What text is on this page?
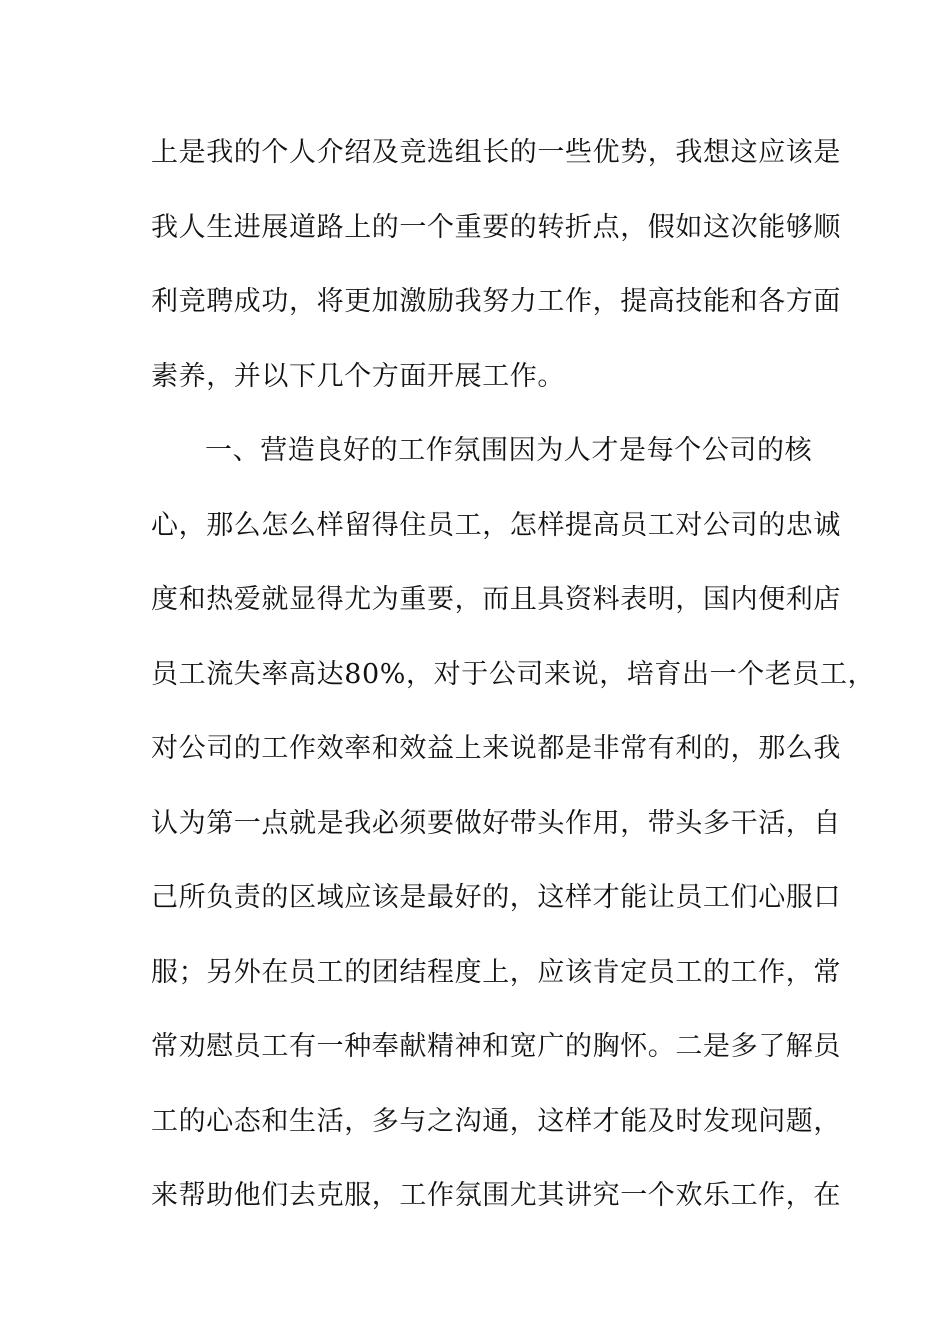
上是我的个人介绍及竞选组长的一些优势，我想这应该是
我人生进展道路上的一个重要的转折点，假如这次能够顺
利竞聘成功，将更加激励我努力工作，提高技能和各方面
素养，并以下几个方面开展工作。
一、营造良好的工作氛围因为人才是每个公司的核
心，那么怎么样留得住员工，怎样提高员工对公司的忠诚
度和热爱就显得尤为重要，而且具资料表明，国内便利店
员工流失率高达80%，对于公司来说，培育出一个老员工，
对公司的工作效率和效益上来说都是非常有利的，那么我
认为第一点就是我必须要做好带头作用，带头多干活，自
己所负责的区域应该是最好的，这样才能让员工们心服口
服；另外在员工的团结程度上，应该肯定员工的工作，常
常劝慰员工有一种奉献精神和宽广的胸怀。二是多了解员
工的心态和生活，多与之沟通，这样才能及时发现问题，
来帮助他们去克服，工作氛围尤其讲究一个欢乐工作，在
